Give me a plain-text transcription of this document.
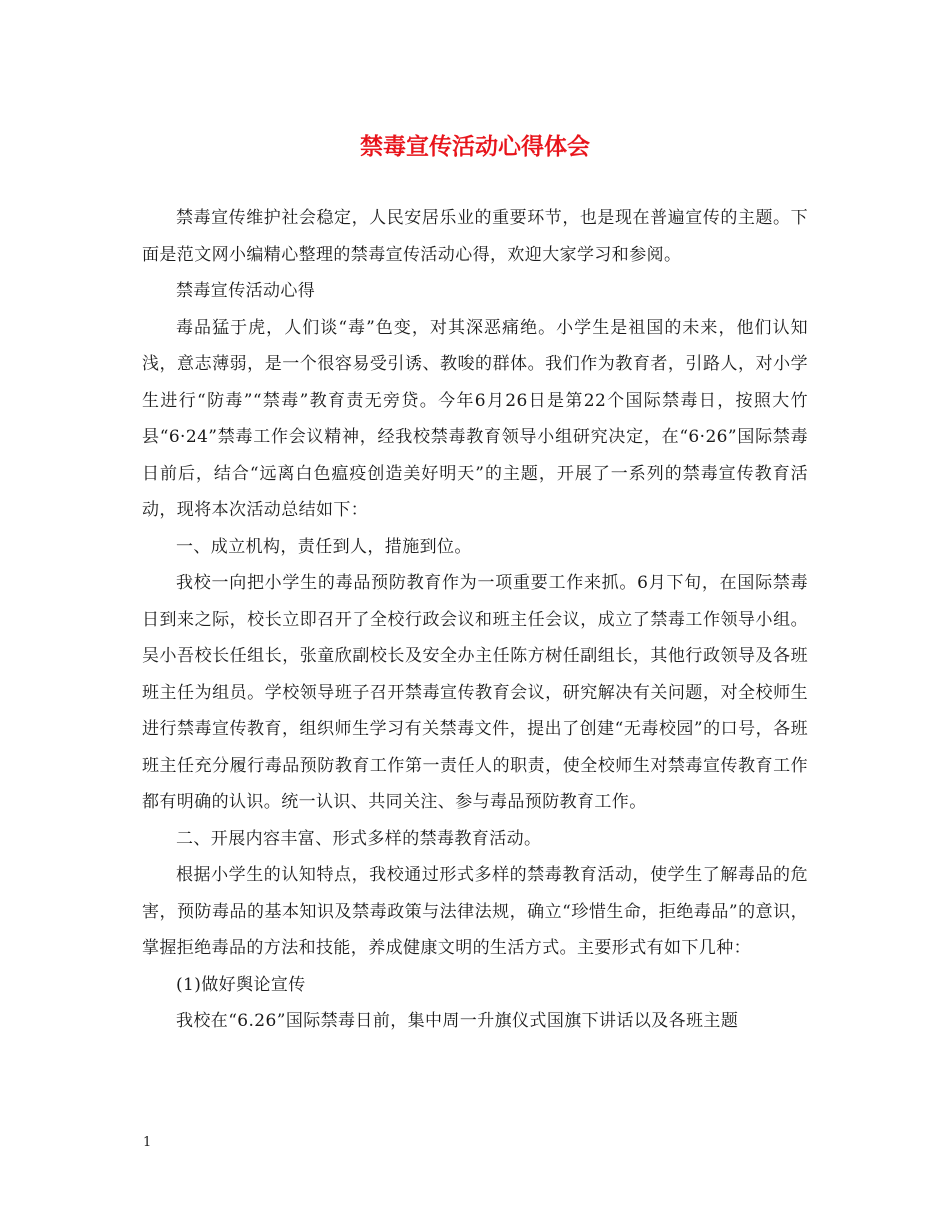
禁毒宣传活动心得体会

禁毒宣传维护社会稳定，人民安居乐业的重要环节，也是现在普遍宣传的主题。下面是范文网小编精心整理的禁毒宣传活动心得，欢迎大家学习和参阅。

禁毒宣传活动心得

毒品猛于虎，人们谈“毒”色变，对其深恶痛绝。小学生是祖国的未来，他们认知浅，意志薄弱，是一个很容易受引诱、教唆的群体。我们作为教育者，引路人，对小学生进行“防毒”“禁毒”教育责无旁贷。今年6月26日是第22个国际禁毒日，按照大竹县“6·24”禁毒工作会议精神，经我校禁毒教育领导小组研究决定，在“6·26”国际禁毒日前后，结合“远离白色瘟疫创造美好明天”的主题，开展了一系列的禁毒宣传教育活动，现将本次活动总结如下：

一、成立机构，责任到人，措施到位。

我校一向把小学生的毒品预防教育作为一项重要工作来抓。6月下旬，在国际禁毒日到来之际，校长立即召开了全校行政会议和班主任会议，成立了禁毒工作领导小组。吴小吾校长任组长，张童欣副校长及安全办主任陈方树任副组长，其他行政领导及各班班主任为组员。学校领导班子召开禁毒宣传教育会议，研究解决有关问题，对全校师生进行禁毒宣传教育，组织师生学习有关禁毒文件，提出了创建“无毒校园”的口号，各班班主任充分履行毒品预防教育工作第一责任人的职责，使全校师生对禁毒宣传教育工作都有明确的认识。统一认识、共同关注、参与毒品预防教育工作。

二、开展内容丰富、形式多样的禁毒教育活动。

根据小学生的认知特点，我校通过形式多样的禁毒教育活动，使学生了解毒品的危害，预防毒品的基本知识及禁毒政策与法律法规，确立“珍惜生命，拒绝毒品”的意识，掌握拒绝毒品的方法和技能，养成健康文明的生活方式。主要形式有如下几种：

(1)做好舆论宣传

我校在“6.26”国际禁毒日前，集中周一升旗仪式国旗下讲话以及各班主题

1
